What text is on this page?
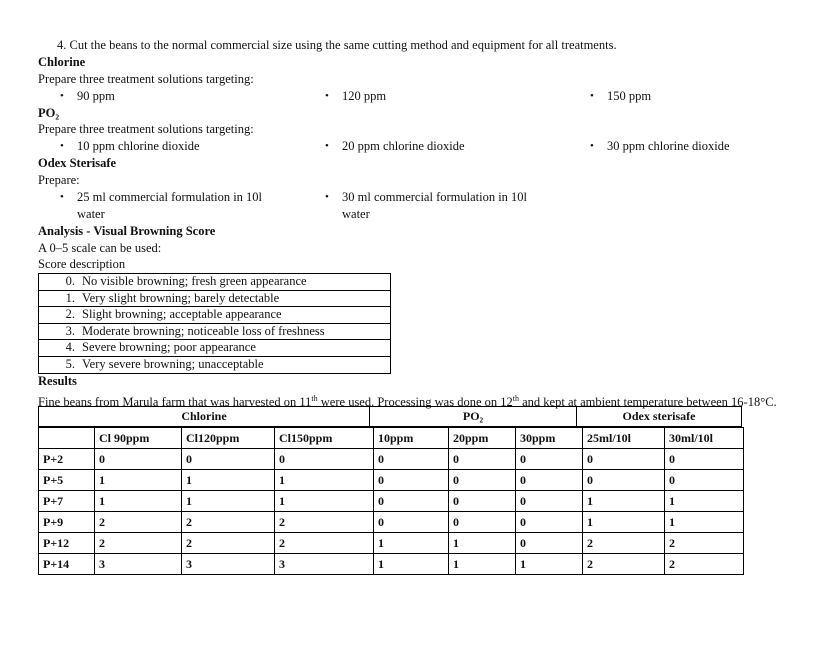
4. Cut the beans to the normal commercial size using the same cutting method and equipment for all treatments.
Chlorine
Prepare three treatment solutions targeting:
• 90 ppm	• 120 ppm	• 150 ppm
PO₂
Prepare three treatment solutions targeting:
• 10 ppm chlorine dioxide	• 20 ppm chlorine dioxide	• 30 ppm chlorine dioxide
Odex Sterisafe
Prepare:
• 25 ml commercial formulation in 10l
water
• 30 ml commercial formulation in 10l
water
Analysis - Visual Browning Score
A 0–5 scale can be used:
Score description
0. No visible browning; fresh green appearance
1. Very slight browning; barely detectable
2. Slight browning; acceptable appearance
3. Moderate browning; noticeable loss of freshness
4. Severe browning; poor appearance
5. Very severe browning; unacceptable
Results
Fine beans from Marula farm that was harvested on 11th were used. Processing was done on 12th and kept at ambient temperature between 16-18°C.
Chlorine	PO₂	Odex sterisafe
	Cl 90ppm	Cl120ppm	Cl150ppm	10ppm	20ppm	30ppm	25ml/10l	30ml/10l
P+2	0	0	0	0	0	0	0	0
P+5	1	1	1	0	0	0	0	0
P+7	1	1	1	0	0	0	1	1
P+9	2	2	2	0	0	0	1	1
P+12	2	2	2	1	1	0	2	2
P+14	3	3	3	1	1	1	2	2
